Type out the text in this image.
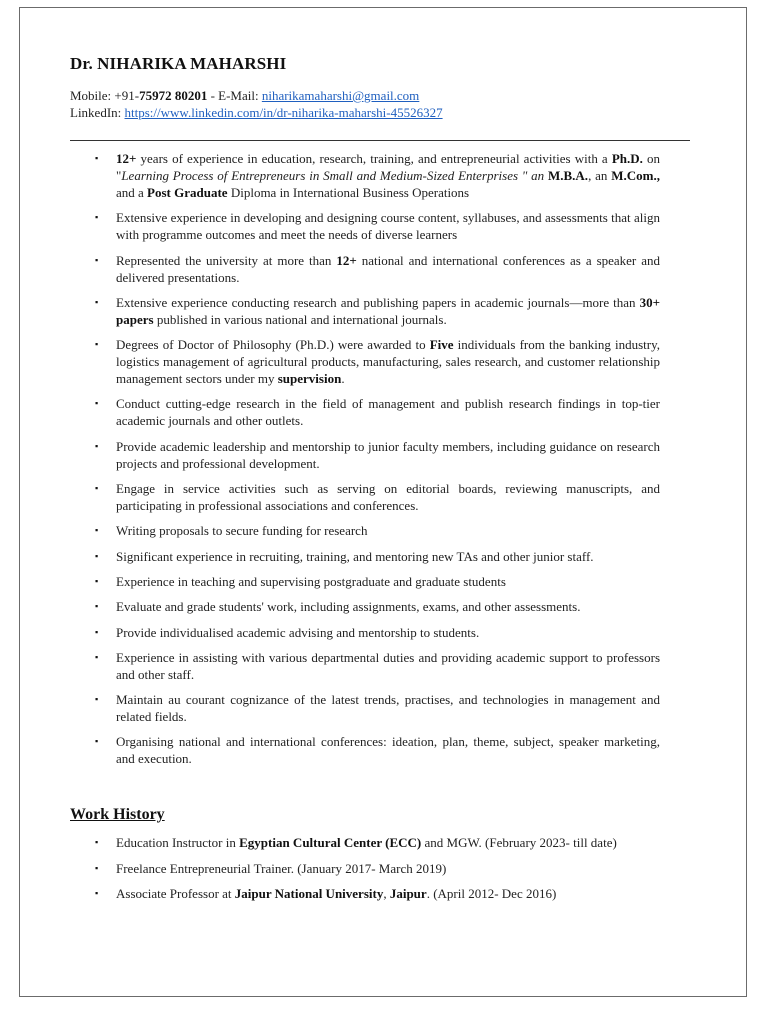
Dr. NIHARIKA MAHARSHI
Mobile: +91-75972 80201 - E-Mail: niharikamaharshi@gmail.com
LinkedIn: https://www.linkedin.com/in/dr-niharika-maharshi-45526327
▪ 12+ years of experience in education, research, training, and entrepreneurial activities with a Ph.D. on "Learning Process of Entrepreneurs in Small and Medium-Sized Enterprises " an M.B.A., an M.Com., and a Post Graduate Diploma in International Business Operations
▪ Extensive experience in developing and designing course content, syllabuses, and assessments that align with programme outcomes and meet the needs of diverse learners
▪ Represented the university at more than 12+ national and international conferences as a speaker and delivered presentations.
▪ Extensive experience conducting research and publishing papers in academic journals—more than 30+ papers published in various national and international journals.
▪ Degrees of Doctor of Philosophy (Ph.D.) were awarded to Five individuals from the banking industry, logistics management of agricultural products, manufacturing, sales research, and customer relationship management sectors under my supervision.
▪ Conduct cutting-edge research in the field of management and publish research findings in top-tier academic journals and other outlets.
▪ Provide academic leadership and mentorship to junior faculty members, including guidance on research projects and professional development.
▪ Engage in service activities such as serving on editorial boards, reviewing manuscripts, and participating in professional associations and conferences.
▪ Writing proposals to secure funding for research
▪ Significant experience in recruiting, training, and mentoring new TAs and other junior staff.
▪ Experience in teaching and supervising postgraduate and graduate students
▪ Evaluate and grade students' work, including assignments, exams, and other assessments.
▪ Provide individualised academic advising and mentorship to students.
▪ Experience in assisting with various departmental duties and providing academic support to professors and other staff.
▪ Maintain au courant cognizance of the latest trends, practises, and technologies in management and related fields.
▪ Organising national and international conferences: ideation, plan, theme, subject, speaker marketing, and execution.
Work History
▪ Education Instructor in Egyptian Cultural Center (ECC) and MGW. (February 2023- till date)
▪ Freelance Entrepreneurial Trainer. (January 2017- March 2019)
▪ Associate Professor at Jaipur National University, Jaipur. (April 2012- Dec 2016)
